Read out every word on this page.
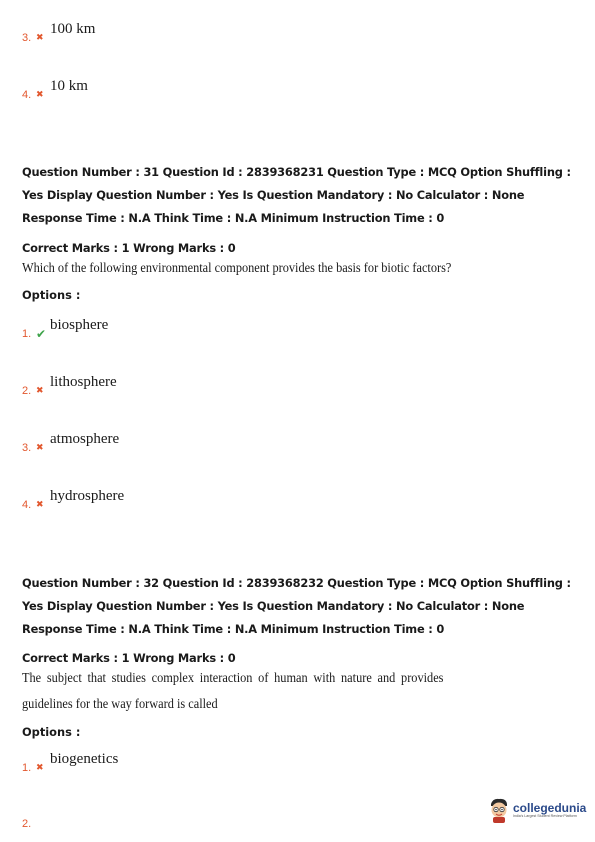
3. ✖
100 km
4. ✖
10 km
Question Number : 31 Question Id : 2839368231 Question Type : MCQ Option Shuffling : Yes Display Question Number : Yes Is Question Mandatory : No Calculator : None Response Time : N.A Think Time : N.A Minimum Instruction Time : 0
Correct Marks : 1 Wrong Marks : 0
Which of the following environmental component provides the basis for biotic factors?
Options :
1. ✔
biosphere
2. ✖
lithosphere
3. ✖
atmosphere
4. ✖
hydrosphere
Question Number : 32 Question Id : 2839368232 Question Type : MCQ Option Shuffling : Yes Display Question Number : Yes Is Question Mandatory : No Calculator : None Response Time : N.A Think Time : N.A Minimum Instruction Time : 0
Correct Marks : 1 Wrong Marks : 0
The subject that studies complex interaction of human with nature and provides
guidelines for the way forward is called
Options :
1. ✖
biogenetics
2.
collegedunia
India's Largest Student Review Platform
